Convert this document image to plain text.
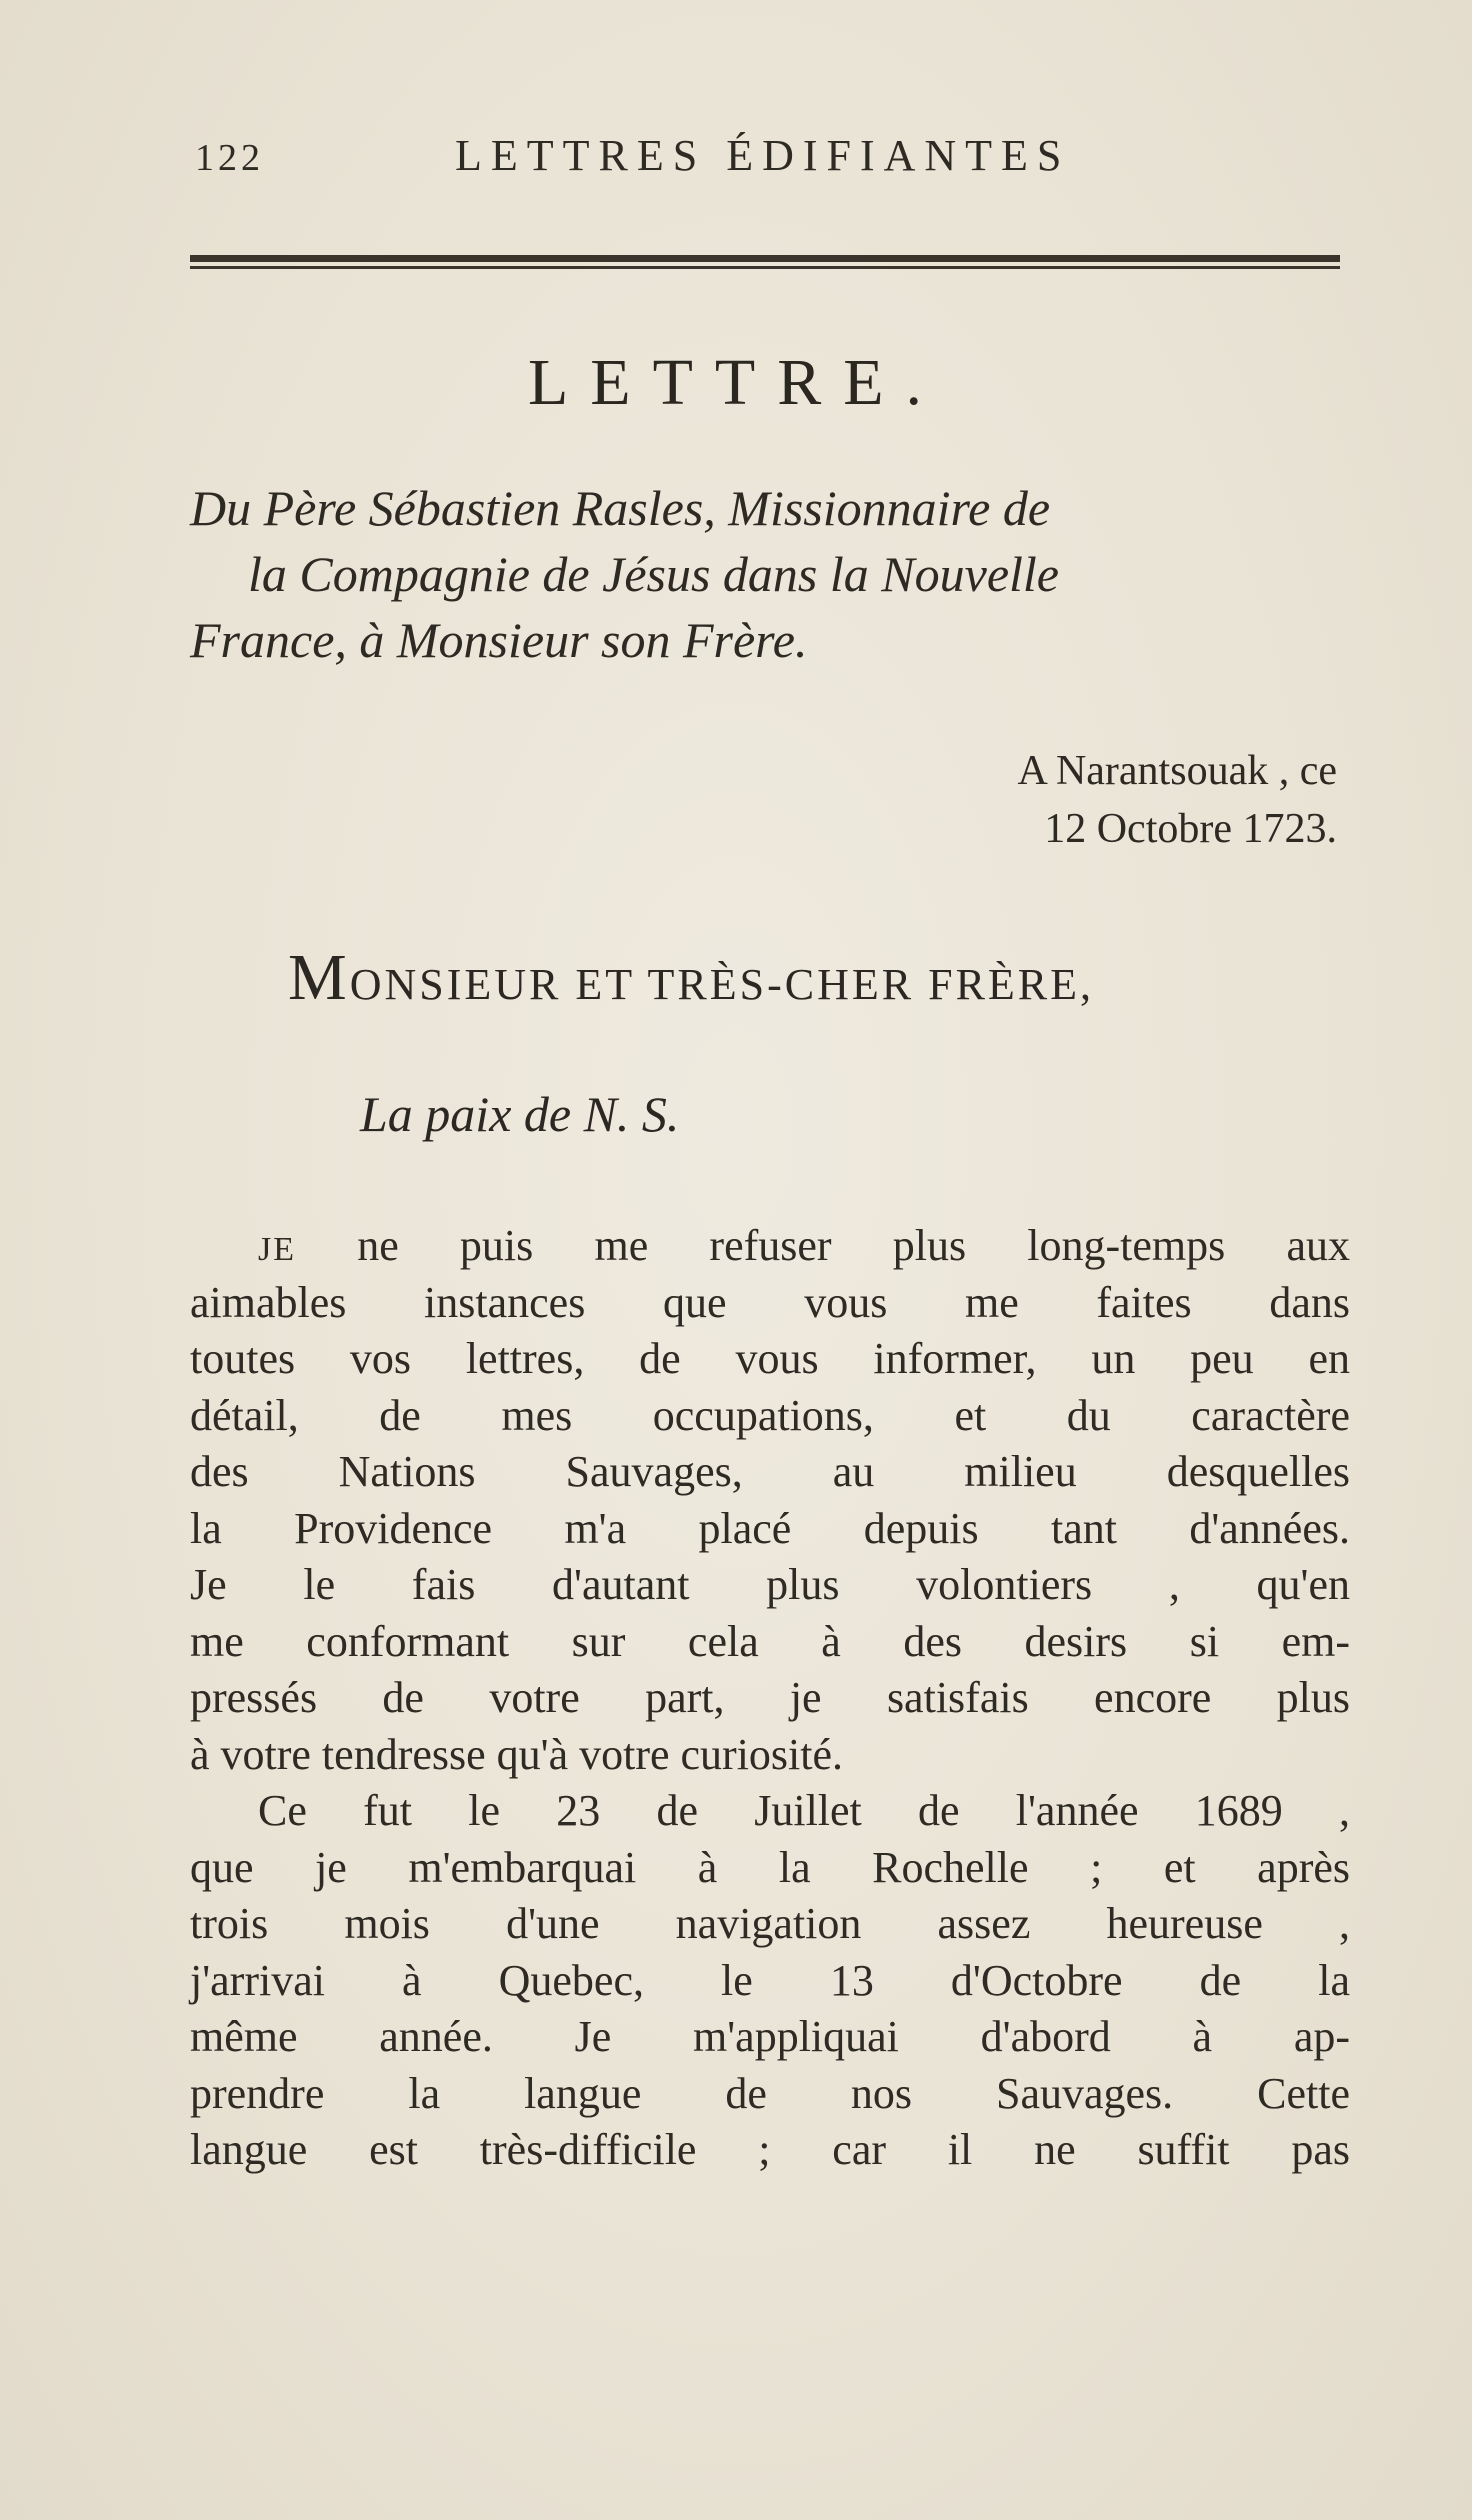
122	LETTRES ÉDIFIANTES
LETTRE.
Du Père Sébastien Rasles, Missionnaire de
la Compagnie de Jésus dans la Nouvelle
France, à Monsieur son Frère.
A Narantsouak , ce
12 Octobre 1723.
MONSIEUR ET TRÈS-CHER FRÈRE,
La paix de N. S.
JE ne puis me refuser plus long-temps aux
aimables instances que vous me faites dans
toutes vos lettres, de vous informer, un peu en
détail, de mes occupations, et du caractère
des Nations Sauvages, au milieu desquelles
la Providence m'a placé depuis tant d'années.
Je le fais d'autant plus volontiers , qu'en
me conformant sur cela à des desirs si em-
pressés de votre part, je satisfais encore plus
à votre tendresse qu'à votre curiosité.
Ce fut le 23 de Juillet de l'année 1689 ,
que je m'embarquai à la Rochelle ; et après
trois mois d'une navigation assez heureuse ,
j'arrivai à Quebec, le 13 d'Octobre de la
même année. Je m'appliquai d'abord à ap-
prendre la langue de nos Sauvages. Cette
langue est très-difficile ; car il ne suffit pas
